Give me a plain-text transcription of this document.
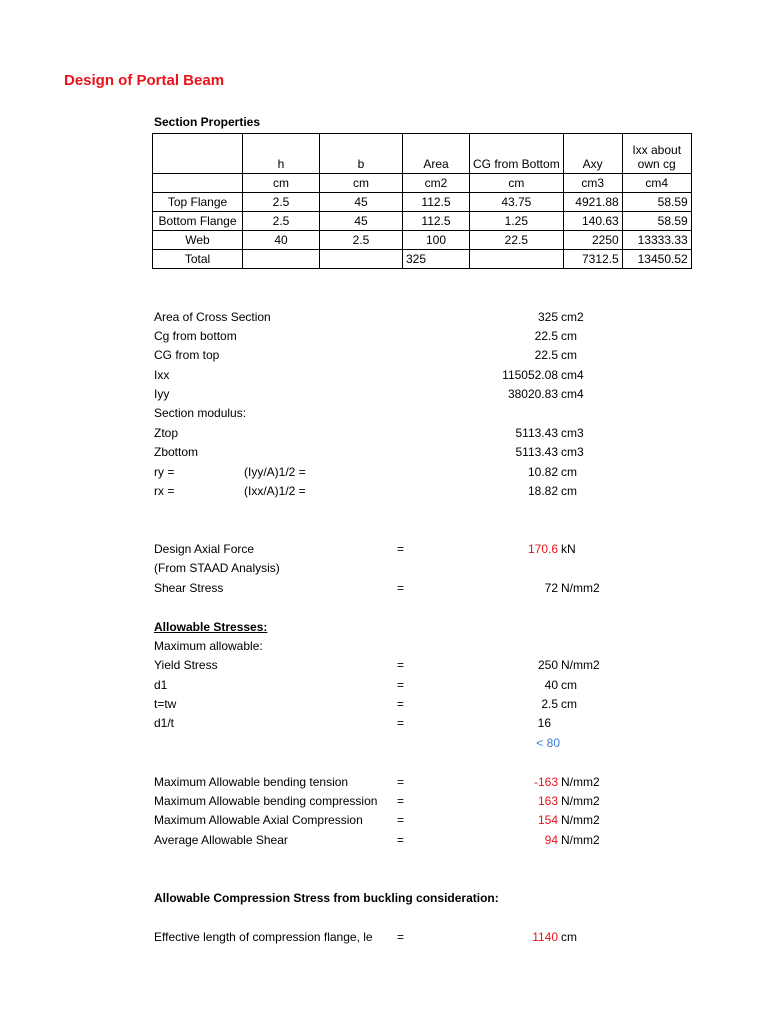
Design of Portal Beam
Section Properties
	h	b	Area	CG from Bottom	Axy	Ixx about own cg
	cm	cm	cm2	cm	cm3	cm4
Top Flange	2.5	45	112.5	43.75	4921.88	58.59
Bottom Flange	2.5	45	112.5	1.25	140.63	58.59
Web	40	2.5	100	22.5	2250	13333.33
Total			325		7312.5	13450.52
Area of Cross Section	325 cm2
Cg from bottom	22.5 cm
CG from top	22.5 cm
Ixx	115052.08 cm4
Iyy	38020.83 cm4
Section modulus:
Ztop	5113.43 cm3
Zbottom	5113.43 cm3
ry =	(Iyy/A)1/2 =	10.82 cm
rx =	(Ixx/A)1/2 =	18.82 cm
Design Axial Force	=	170.6 kN
(From STAAD Analysis)
Shear Stress	=	72 N/mm2
Allowable Stresses:
Maximum allowable:
Yield Stress	=	250 N/mm2
d1	=	40 cm
t=tw	=	2.5 cm
d1/t	=	16
< 80
Maximum Allowable bending tension	=	-163 N/mm2
Maximum Allowable bending compression =	163 N/mm2
Maximum Allowable Axial Compression	=	154 N/mm2
Average Allowable Shear	=	94 N/mm2
Allowable Compression Stress from buckling consideration:
Effective length of compression flange, le =	1140 cm
